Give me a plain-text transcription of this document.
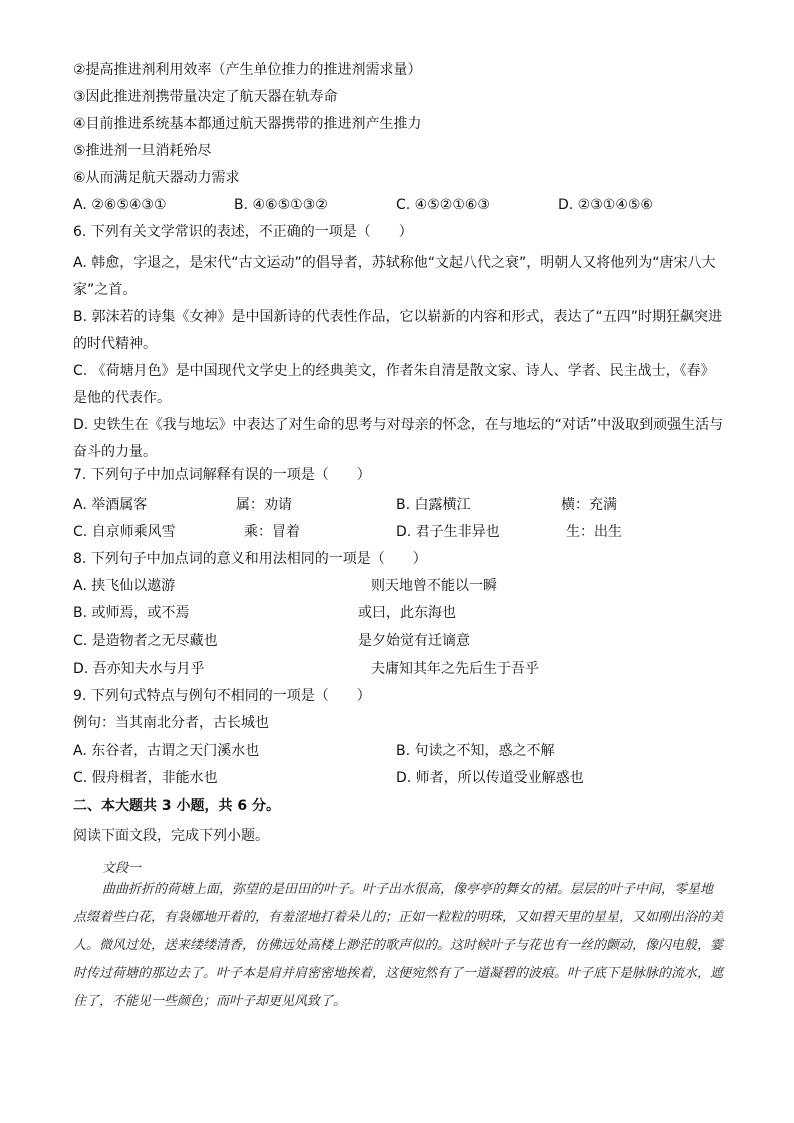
②提高推进剂利用效率（产生单位推力的推进剂需求量）
③因此推进剂携带量决定了航天器在轨寿命
④目前推进系统基本都通过航天器携带的推进剂产生推力
⑤推进剂一旦消耗殆尽
⑥从而满足航天器动力需求
A. ②⑥⑤④③①	B. ④⑥⑤①③②	C. ④⑤②①⑥③	D. ②③①④⑤⑥
6. 下列有关文学常识的表述，不正确的一项是（　　）
A. 韩愈，字退之，是宋代“古文运动”的倡导者，苏轼称他“文起八代之衰”，明朝人又将他列为“唐宋八大家”之首。
B. 郭沫若的诗集《女神》是中国新诗的代表性作品，它以崭新的内容和形式，表达了“五四”时期狂飙突进的时代精神。
C. 《荷塘月色》是中国现代文学史上的经典美文，作者朱自清是散文家、诗人、学者、民主战士，《春》是他的代表作。
D. 史铁生在《我与地坛》中表达了对生命的思考与对母亲的怀念，在与地坛的“对话”中汲取到顽强生活与奋斗的力量。
7. 下列句子中加点词解释有误的一项是（　　）
A. 举酒属客	属：劝请	B. 白露横江	横：充满
C. 自京师乘风雪	乘：冒着	D. 君子生非异也	生：出生
8. 下列句子中加点词的意义和用法相同的一项是（　　）
A. 挟飞仙以遨游	则天地曾不能以一瞬
B. 或师焉，或不焉	或曰，此东海也
C. 是造物者之无尽藏也	是夕始觉有迁谪意
D. 吾亦知夫水与月乎	夫庸知其年之先后生于吾乎
9. 下列句式特点与例句不相同的一项是（　　）
例句：当其南北分者，古长城也
A. 东谷者，古谓之天门溪水也	B. 句读之不知，惑之不解
C. 假舟楫者，非能水也	D. 师者，所以传道受业解惑也
二、本大题共 3 小题，共 6 分。
阅读下面文段，完成下列小题。
文段一
曲曲折折的荷塘上面，弥望的是田田的叶子。叶子出水很高，像亭亭的舞女的裙。层层的叶子中间，零星地点缀着些白花，有袅娜地开着的，有羞涩地打着朵儿的；正如一粒粒的明珠，又如碧天里的星星，又如刚出浴的美人。微风过处，送来缕缕清香，仿佛远处高楼上渺茫的歌声似的。这时候叶子与花也有一丝的颤动，像闪电般，霎时传过荷塘的那边去了。叶子本是肩并肩密密地挨着，这便宛然有了一道凝碧的波痕。叶子底下是脉脉的流水，遮住了，不能见一些颜色；而叶子却更见风致了。
